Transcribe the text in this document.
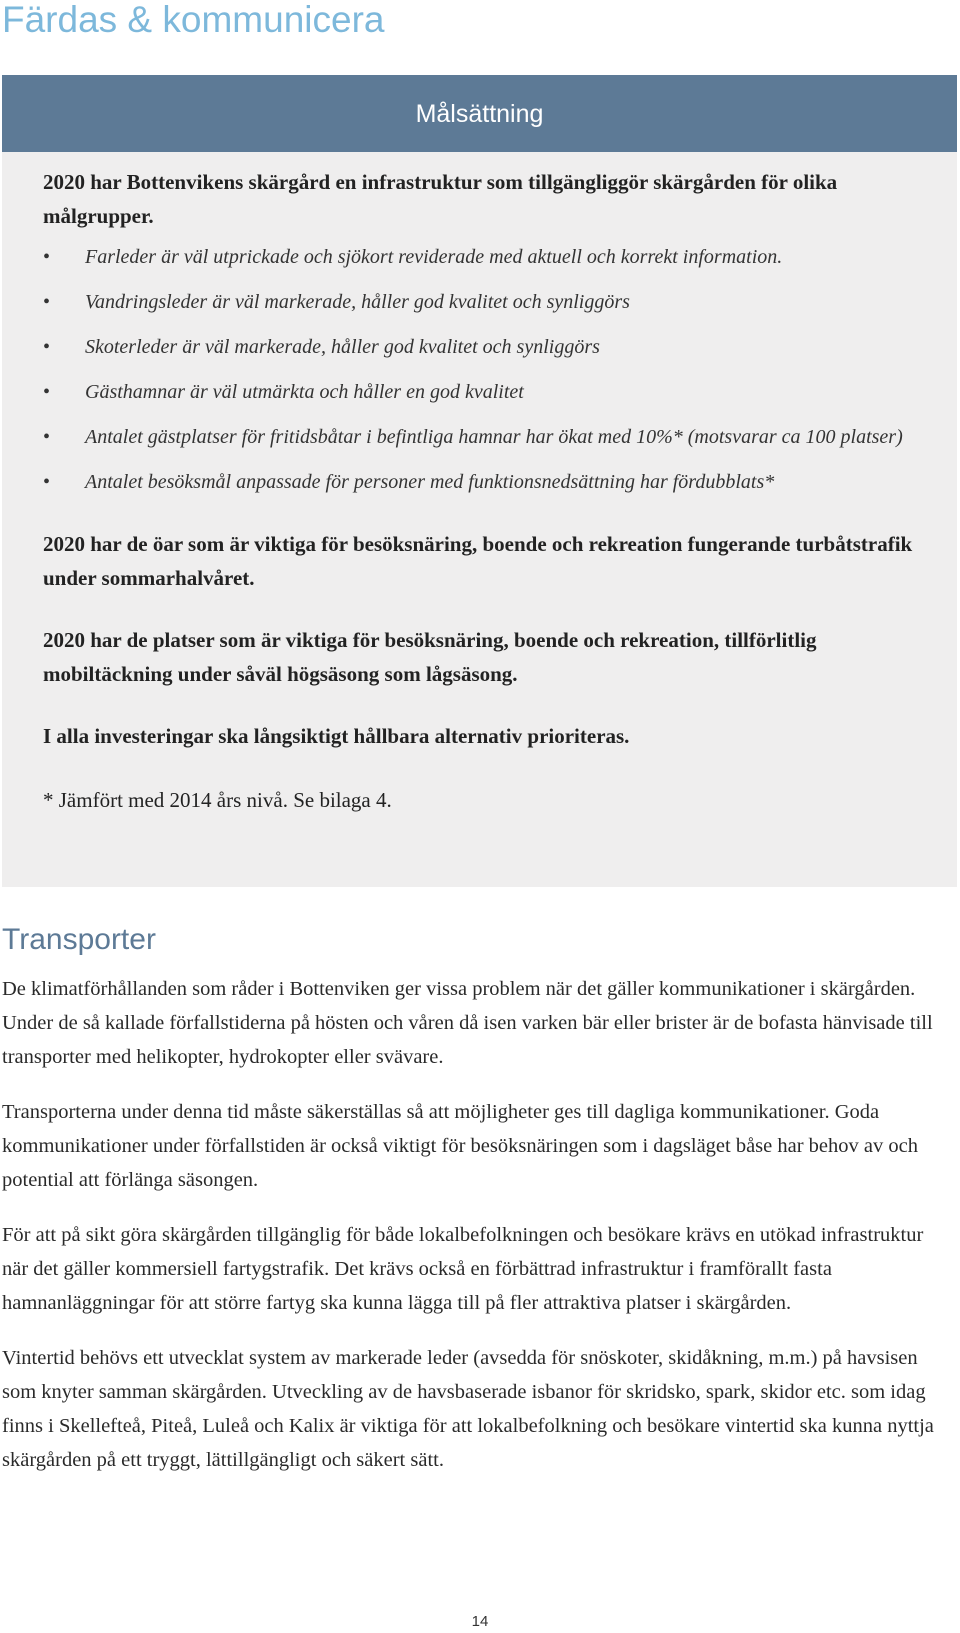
Färdas & kommunicera
Målsättning

2020 har Bottenvikens skärgård en infrastruktur som tillgängliggör skärgården för olika målgrupper.

• Farleder är väl utprickade och sjökort reviderade med aktuell och korrekt information.
• Vandringsleder är väl markerade, håller god kvalitet och synliggörs
• Skoterleder är väl markerade, håller god kvalitet och synliggörs
• Gästhamnar är väl utmärkta och håller en god kvalitet
• Antalet gästplatser för fritidsbåtar i befintliga hamnar har ökat med 10%* (motsvarar ca 100 platser)
• Antalet besöksmål anpassade för personer med funktionsnedsättning har fördubblats*

2020 har de öar som är viktiga för besöksnäring, boende och rekreation fungerande turbåtstrafik under sommarhalvåret.

2020 har de platser som är viktiga för besöksnäring, boende och rekreation, tillförlitlig mobiltäckning under såväl högsäsong som lågsäsong.

I alla investeringar ska långsiktigt hållbara alternativ prioriteras.

* Jämfört med 2014 års nivå. Se bilaga 4.

Transporter

De klimatförhållanden som råder i Bottenviken ger vissa problem när det gäller kommunikationer i skärgården. Under de så kallade förfallstiderna på hösten och våren då isen varken bär eller brister är de bofasta hänvisade till transporter med helikopter, hydrokopter eller svävare.

Transporterna under denna tid måste säkerställas så att möjligheter ges till dagliga kommunikationer. Goda kommunikationer under förfallstiden är också viktigt för besöksnäringen som i dagsläget båse har behov av och potential att förlänga säsongen.

För att på sikt göra skärgården tillgänglig för både lokalbefolkningen och besökare krävs en utökad infrastruktur när det gäller kommersiell fartygstrafik. Det krävs också en förbättrad infrastruktur i framförallt fasta hamnanläggningar för att större fartyg ska kunna lägga till på fler attraktiva platser i skärgården.

Vintertid behövs ett utvecklat system av markerade leder (avsedda för snöskoter, skidåkning, m.m.) på havsisen som knyter samman skärgården. Utveckling av de havsbaserade isbanor för skridsko, spark, skidor etc. som idag finns i Skellefteå, Piteå, Luleå och Kalix är viktiga för att lokalbefolkning och besökare vintertid ska kunna nyttja skärgården på ett tryggt, lättillgängligt och säkert sätt.

14
